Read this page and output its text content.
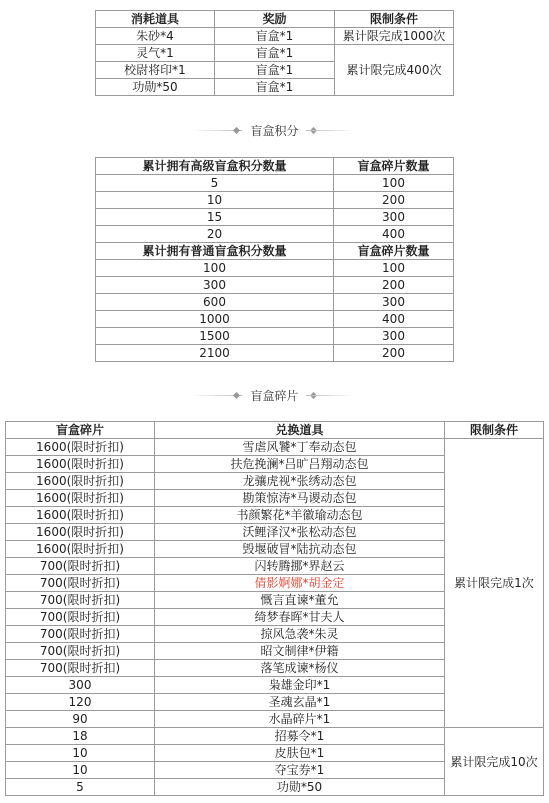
消耗道具	奖励	限制条件
朱砂*4	盲盒*1	累计限完成1000次
灵气*1	盲盒*1	累计限完成400次
校尉将印*1	盲盒*1	
功勋*50	盲盒*1	
盲盒积分
累计拥有高级盲盒积分数量	盲盒碎片数量
5	100
10	200
15	300
20	400
累计拥有普通盲盒积分数量	盲盒碎片数量
100	100
300	200
600	300
1000	400
1500	300
2100	200
盲盒碎片
盲盒碎片	兑换道具	限制条件
1600(限时折扣)	雪虐风饕*丁奉动态包	累计限完成1次
1600(限时折扣)	扶危挽澜*吕旷吕翔动态包	
1600(限时折扣)	龙骧虎视*张绣动态包	
1600(限时折扣)	勘策惊涛*马谡动态包	
1600(限时折扣)	书颜繁花*羊徽瑜动态包	
1600(限时折扣)	沃鲤泽汉*张松动态包	
1600(限时折扣)	毁堰破冒*陆抗动态包	
700(限时折扣)	闪转腾挪*界赵云	
700(限时折扣)	倩影婀娜*胡金定	
700(限时折扣)	慨言直谏*董允	
700(限时折扣)	绮梦春晖*甘夫人	
700(限时折扣)	掠风急袭*朱灵	
700(限时折扣)	昭文制律*伊籍	
700(限时折扣)	落笔成谏*杨仪	
300	枭雄金印*1	
120	圣魂玄晶*1	
90	水晶碎片*1	
18	招募令*1	累计限完成10次
10	皮肤包*1	
10	夺宝券*1	
5	功勋*50	
